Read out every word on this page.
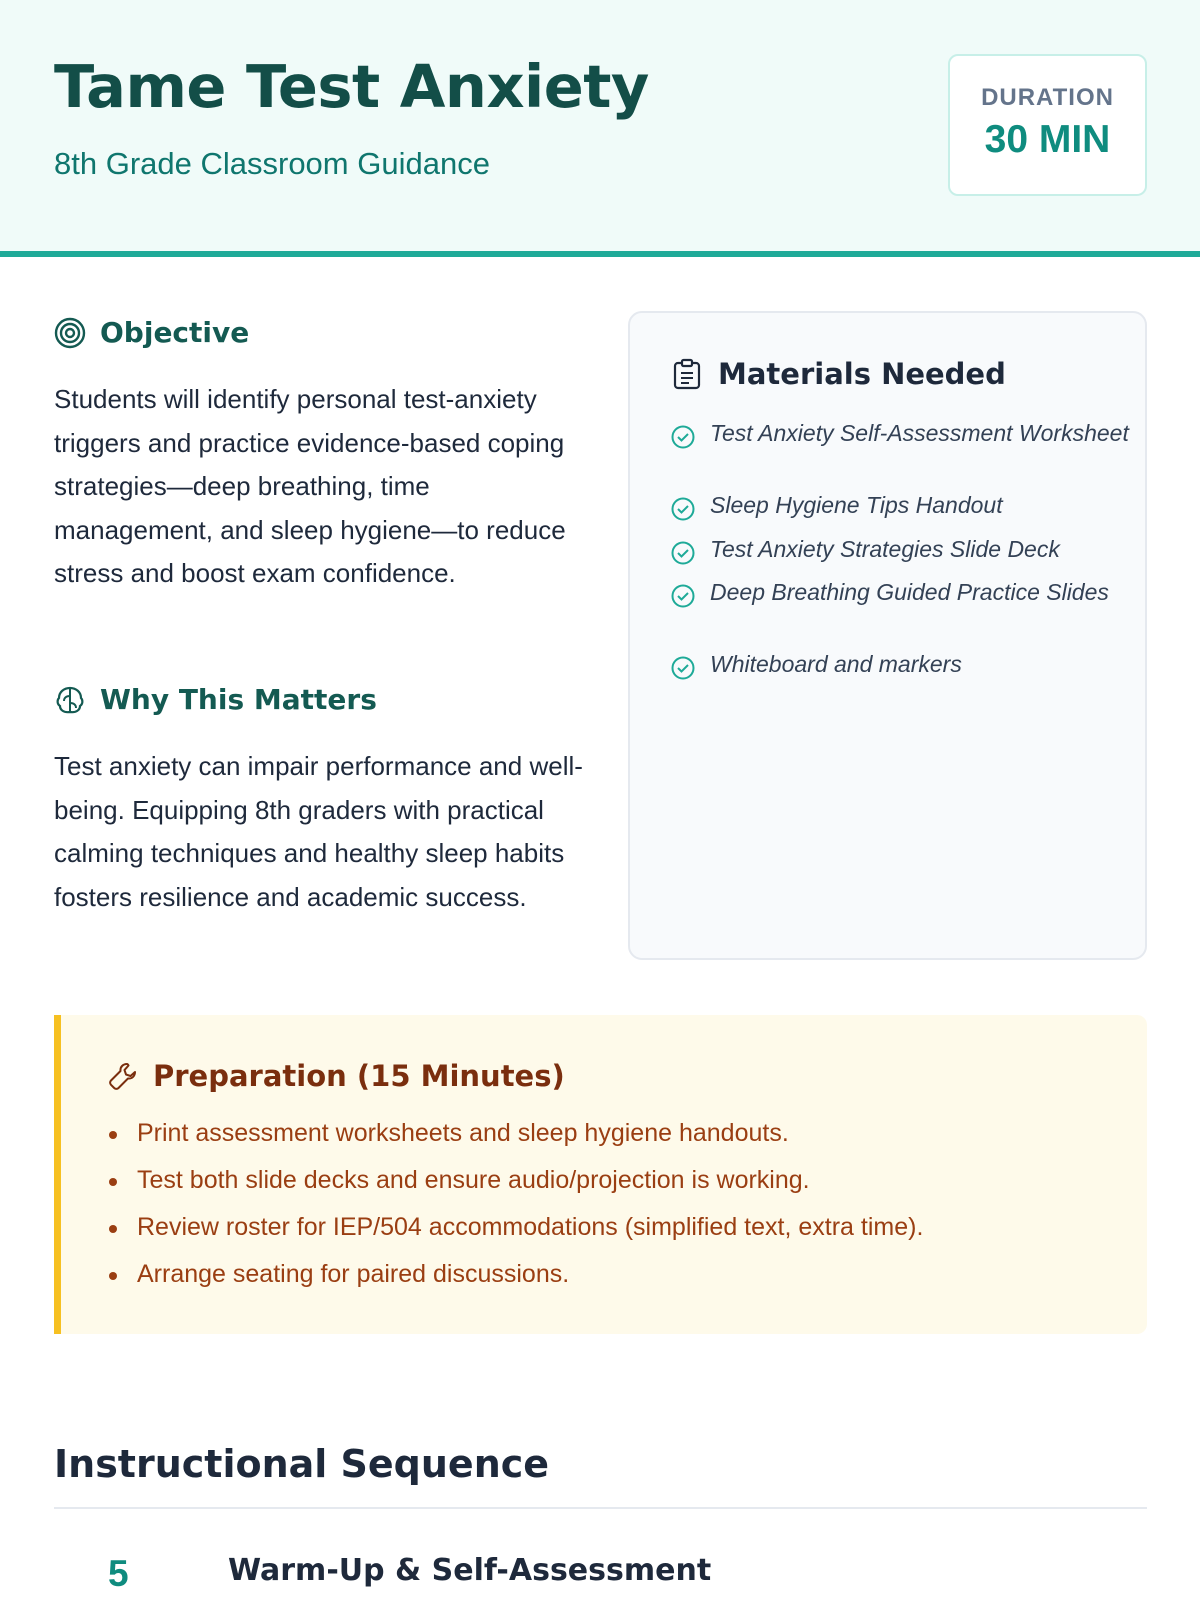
Tame Test Anxiety
8th Grade Classroom Guidance
DURATION
30 MIN
Objective
Students will identify personal test-anxiety triggers and practice evidence-based coping strategies—deep breathing, time management, and sleep hygiene—to reduce stress and boost exam confidence.
Why This Matters
Test anxiety can impair performance and well-being. Equipping 8th graders with practical calming techniques and healthy sleep habits fosters resilience and academic success.
Materials Needed
Test Anxiety Self-Assessment Worksheet
Sleep Hygiene Tips Handout
Test Anxiety Strategies Slide Deck
Deep Breathing Guided Practice Slides
Whiteboard and markers
Preparation (15 Minutes)
Print assessment worksheets and sleep hygiene handouts.
Test both slide decks and ensure audio/projection is working.
Review roster for IEP/504 accommodations (simplified text, extra time).
Arrange seating for paired discussions.
Instructional Sequence
5	Warm-Up & Self-Assessment
